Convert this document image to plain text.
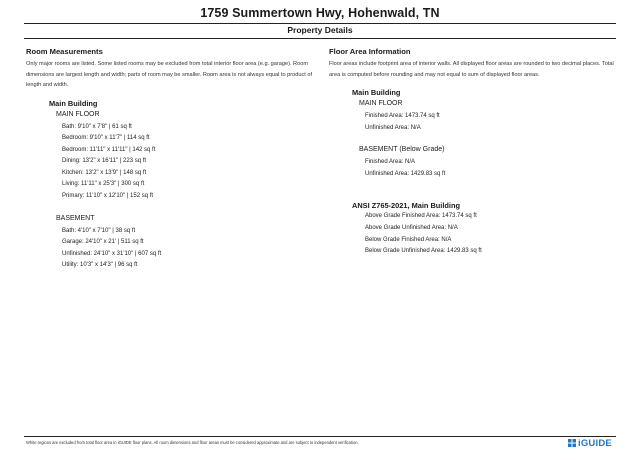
1759 Summertown Hwy, Hohenwald, TN
Property Details
Room Measurements
Only major rooms are listed. Some listed rooms may be excluded from total interior floor area (e.g. garage). Room dimensions are largest length and width; parts of room may be smaller. Room area is not always equal to product of length and width.
Main Building
MAIN FLOOR
Bath: 9'10" x 7'8" | 61 sq ft
Bedroom: 9'10" x 11'7" | 114 sq ft
Bedroom: 11'11" x 11'11" | 142 sq ft
Dining: 13'2" x 16'11" | 223 sq ft
Kitchen: 13'2" x 13'9" | 148 sq ft
Living: 11'11" x 25'3" | 300 sq ft
Primary: 11'10" x 12'10" | 152 sq ft
BASEMENT
Bath: 4'10" x 7'10" | 38 sq ft
Garage: 24'10" x 21' | 511 sq ft
Unfinished: 24'10" x 31'10" | 607 sq ft
Utility: 10'3" x 14'3" | 96 sq ft
Floor Area Information
Floor areas include footprint area of interior walls. All displayed floor areas are rounded to two decimal places. Total area is computed before rounding and may not equal to sum of displayed floor areas.
Main Building
MAIN FLOOR
Finished Area: 1473.74 sq ft
Unfinished Area: N/A
BASEMENT (Below Grade)
Finished Area: N/A
Unfinished Area: 1429.83 sq ft
ANSI Z765-2021, Main Building
Above Grade Finished Area: 1473.74 sq ft
Above Grade Unfinished Area: N/A
Below Grade Finished Area: N/A
Below Grade Unfinished Area: 1429.83 sq ft
White regions are excluded from total floor area in iGUIDE floor plans. All room dimensions and floor areas must be considered approximate and are subject to independent verification.	iGUIDE
